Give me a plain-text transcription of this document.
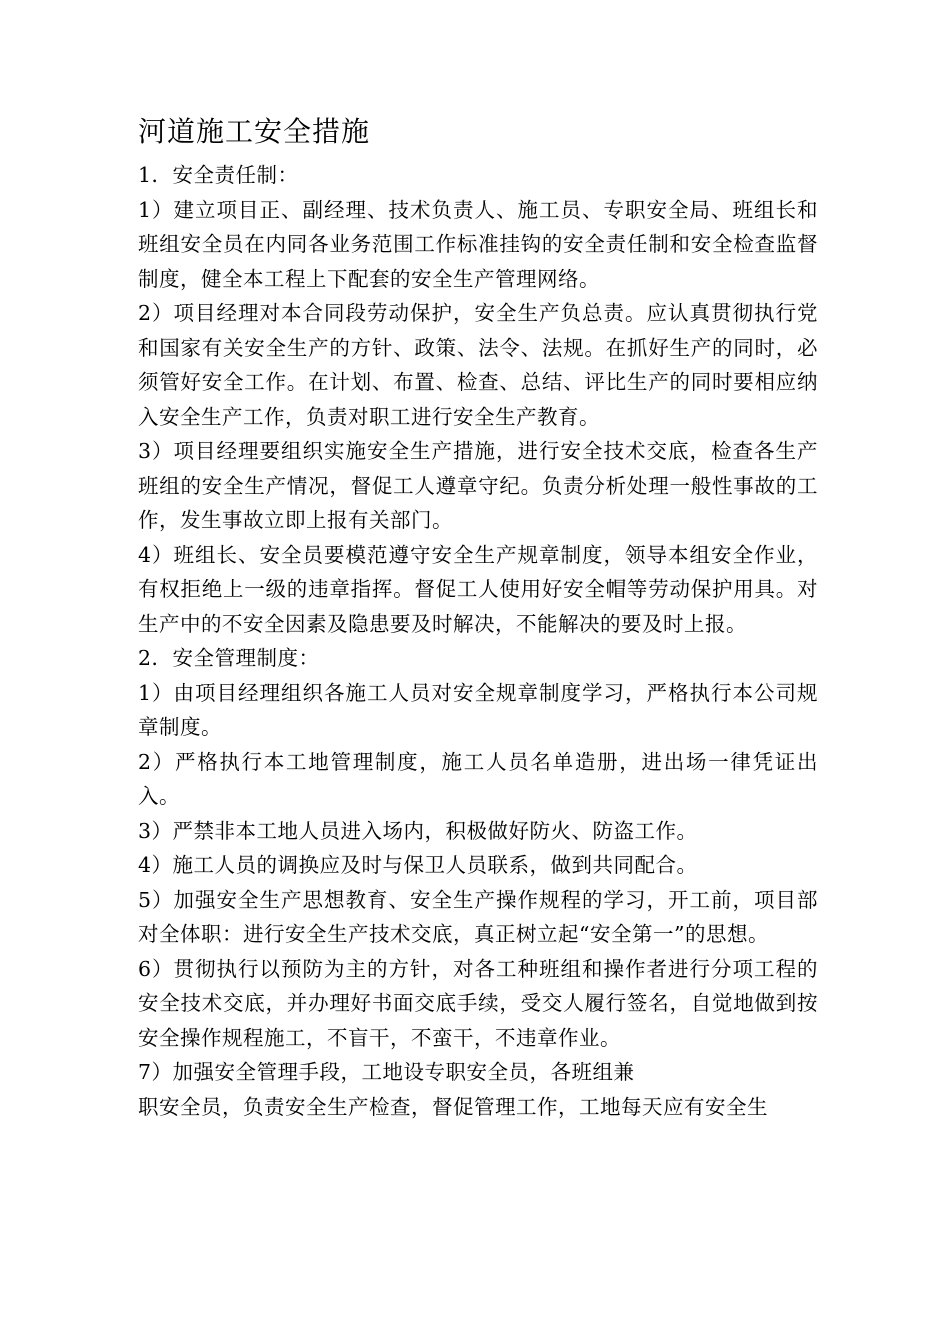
河道施工安全措施

1．安全责任制：

1）建立项目正、副经理、技术负责人、施工员、专职安全局、班组长和班组安全员在内同各业务范围工作标准挂钩的安全责任制和安全检查监督制度，健全本工程上下配套的安全生产管理网络。

2）项目经理对本合同段劳动保护，安全生产负总责。应认真贯彻执行党和国家有关安全生产的方针、政策、法令、法规。在抓好生产的同时，必须管好安全工作。在计划、布置、检查、总结、评比生产的同时要相应纳入安全生产工作，负责对职工进行安全生产教育。

3）项目经理要组织实施安全生产措施，进行安全技术交底，检查各生产班组的安全生产情况，督促工人遵章守纪。负责分析处理一般性事故的工作，发生事故立即上报有关部门。

4）班组长、安全员要模范遵守安全生产规章制度，领导本组安全作业，有权拒绝上一级的违章指挥。督促工人使用好安全帽等劳动保护用具。对生产中的不安全因素及隐患要及时解决，不能解决的要及时上报。

2．安全管理制度：

1）由项目经理组织各施工人员对安全规章制度学习，严格执行本公司规章制度。

2）严格执行本工地管理制度，施工人员名单造册，进出场一律凭证出入。

3）严禁非本工地人员进入场内，积极做好防火、防盗工作。

4）施工人员的调换应及时与保卫人员联系，做到共同配合。

5）加强安全生产思想教育、安全生产操作规程的学习，开工前，项目部对全体职：进行安全生产技术交底，真正树立起“安全第一”的思想。

6）贯彻执行以预防为主的方针，对各工种班组和操作者进行分项工程的安全技术交底，并办理好书面交底手续，受交人履行签名，自觉地做到按安全操作规程施工，不盲干，不蛮干，不违章作业。

7）加强安全管理手段，工地设专职安全员，各班组兼

职安全员，负责安全生产检查，督促管理工作，工地每天应有安全生
